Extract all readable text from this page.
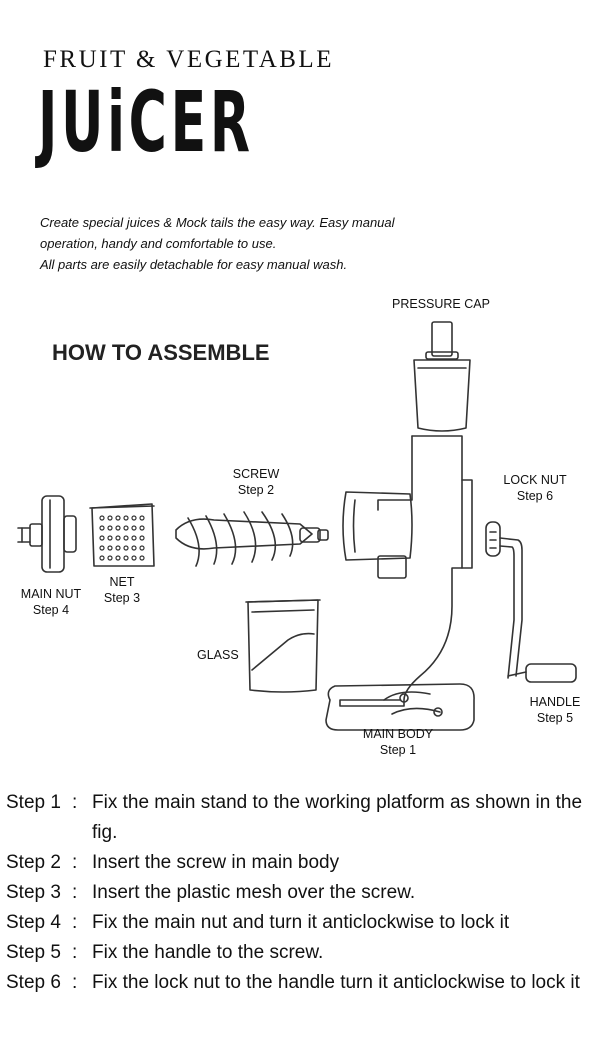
FRUIT & VEGETABLE
JUiCER
Create special juices & Mock tails the easy way. Easy manual
operation, handy and comfortable to use.
All parts are easily detachable for easy manual wash.
HOW TO ASSEMBLE
PRESSURE CAP
SCREW
Step 2
LOCK NUT
Step 6
NET
Step 3
MAIN NUT
Step 4
GLASS
HANDLE
Step 5
MAIN BODY
Step 1
Step 1 : Fix the main stand to the working platform as shown in the fig.
Step 2 : Insert the screw in main body
Step 3 : Insert the plastic mesh over the screw.
Step 4 : Fix the main nut and turn it anticlockwise to lock it
Step 5 : Fix the handle to the screw.
Step 6 : Fix the lock nut to the handle turn it anticlockwise to lock it
